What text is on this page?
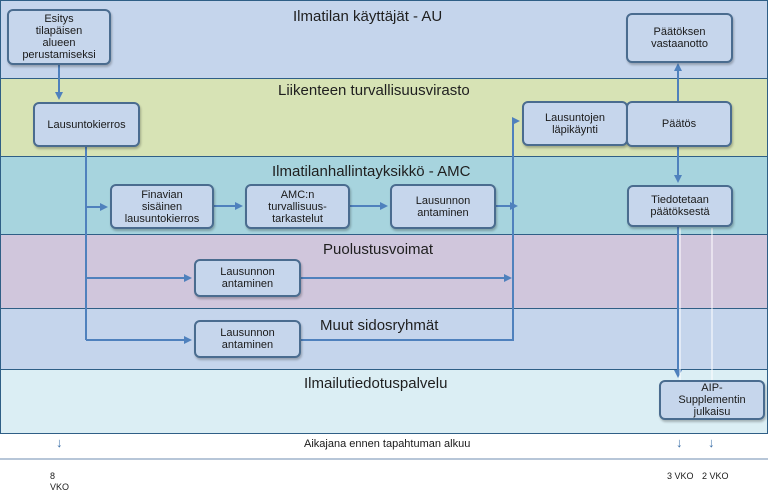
Ilmatilan käyttäjät - AU
Liikenteen turvallisuusvirasto
Ilmatilanhallintayksikkö - AMC
Puolustusvoimat
Muut sidosryhmät
Ilmailutiedotuspalvelu
Esitys
tilapäisen
alueen
perustamiseksi
Päätöksen
vastaanotto
Lausuntokierros
Lausuntojen
läpikäynti	Päätös
Finavian
sisäinen
lausuntokierros
AMC:n
turvallisuus-
tarkastelut
Lausunnon
antaminen
Tiedotetaan
päätöksestä
Lausunnon
antaminen
Lausunnon
antaminen
AIP-
Supplementin
julkaisu
Aikajana ennen tapahtuman alkuu
↓	↓ ↓
8
VKO
3 VKO 2 VKO
